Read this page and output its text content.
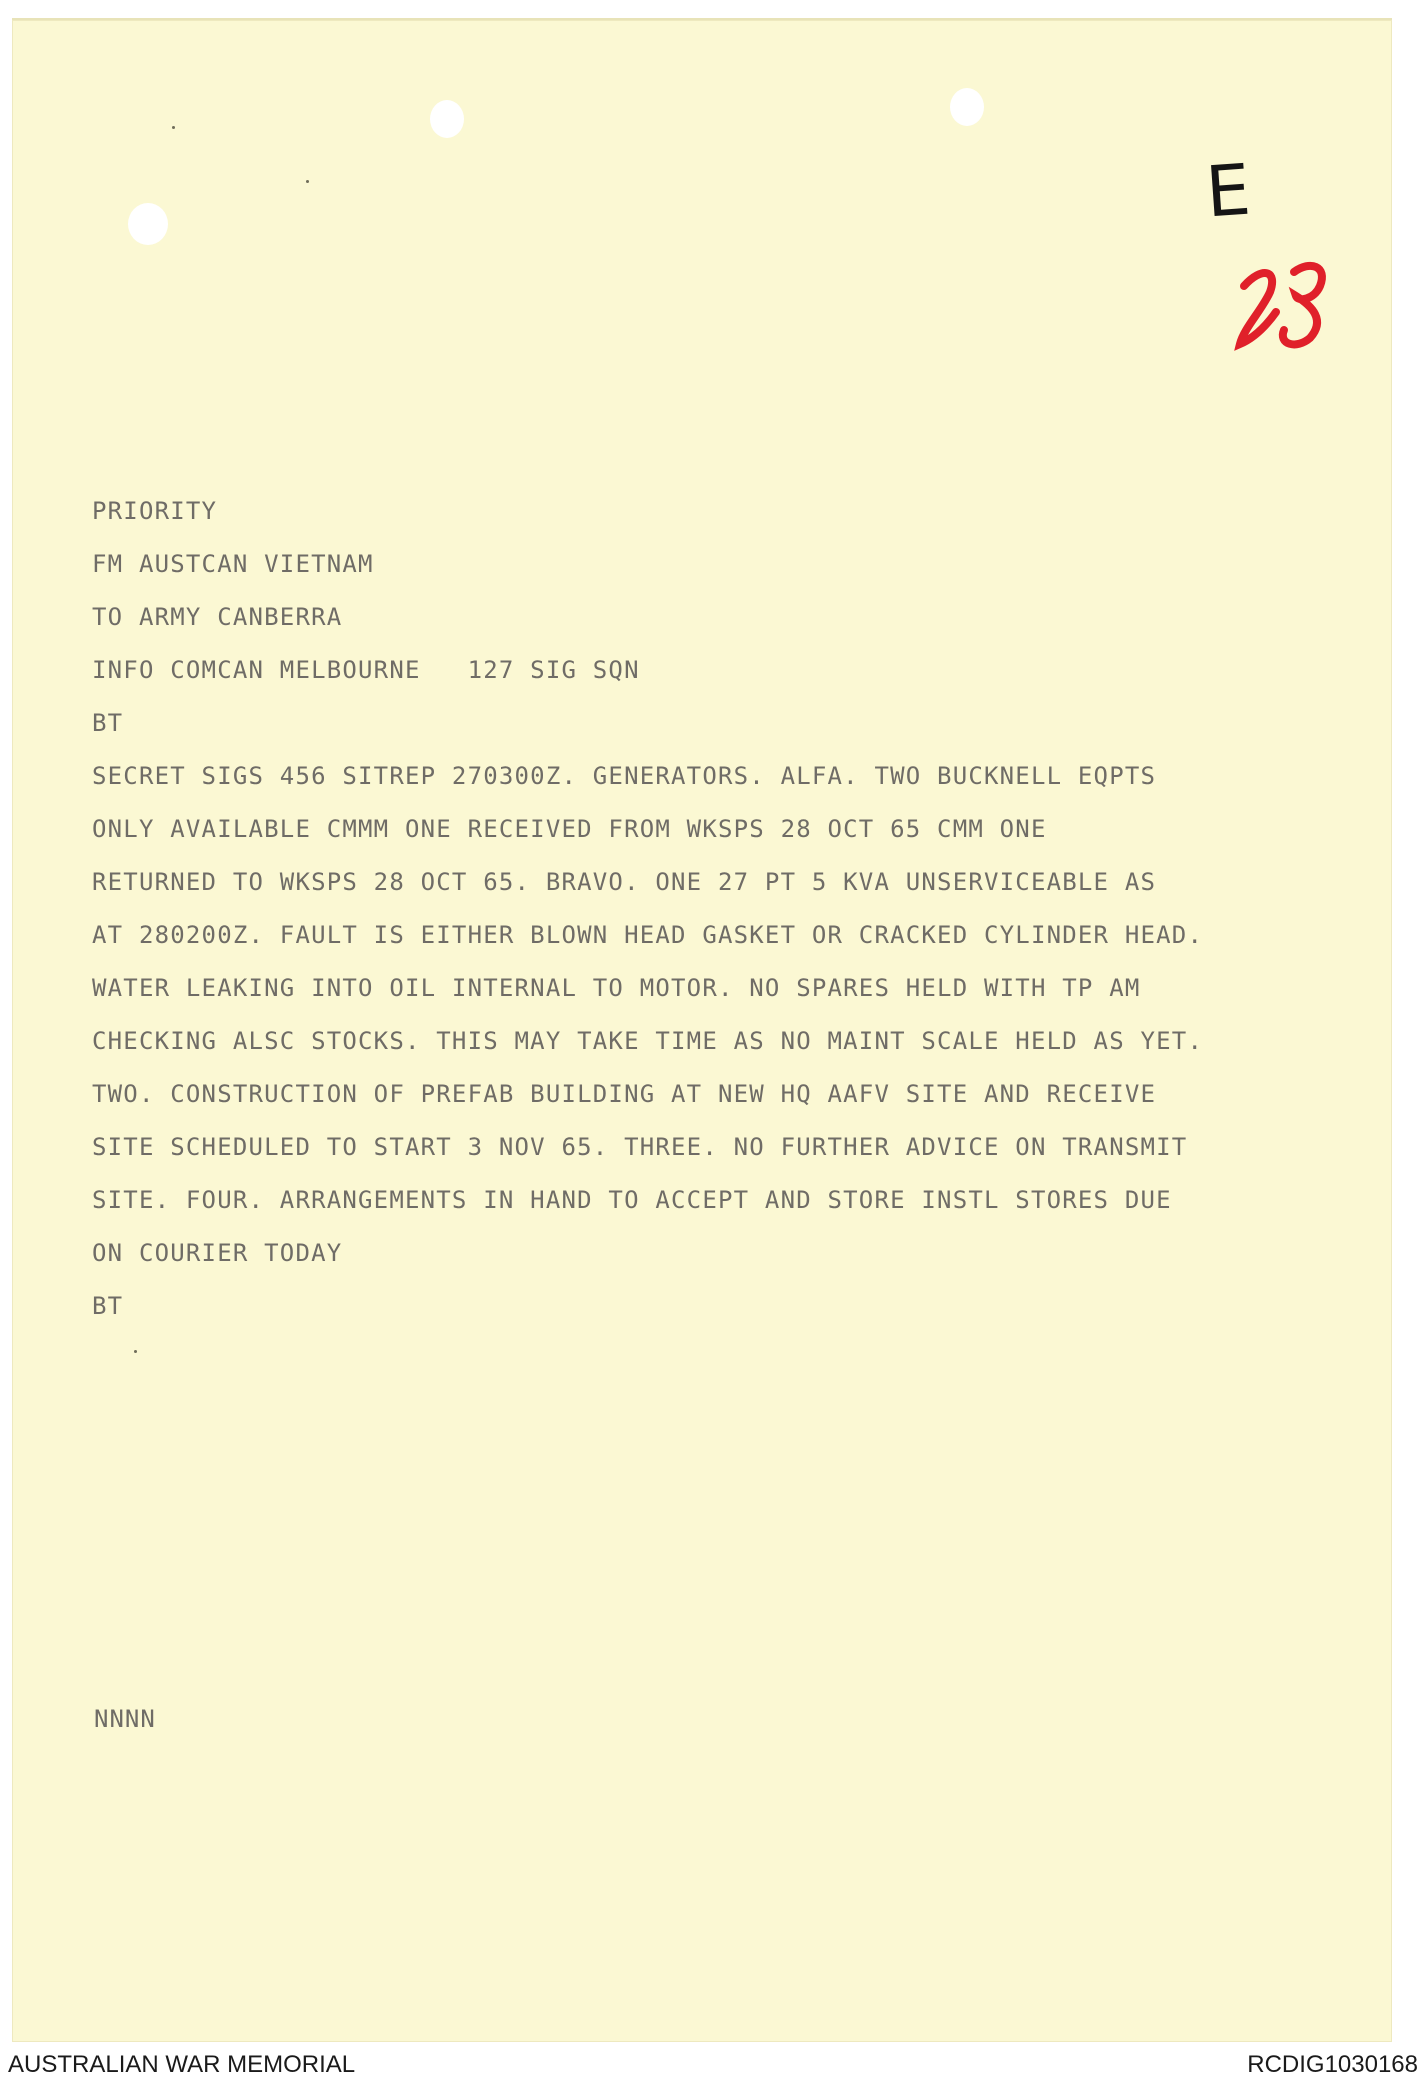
E
PRIORITY
FM AUSTCAN VIETNAM
TO ARMY CANBERRA
INFO COMCAN MELBOURNE   127 SIG SQN
BT
SECRET SIGS 456 SITREP 270300Z. GENERATORS. ALFA. TWO BUCKNELL EQPTS
ONLY AVAILABLE CMMM ONE RECEIVED FROM WKSPS 28 OCT 65 CMM ONE
RETURNED TO WKSPS 28 OCT 65. BRAVO. ONE 27 PT 5 KVA UNSERVICEABLE AS
AT 280200Z. FAULT IS EITHER BLOWN HEAD GASKET OR CRACKED CYLINDER HEAD.
WATER LEAKING INTO OIL INTERNAL TO MOTOR. NO SPARES HELD WITH TP AM
CHECKING ALSC STOCKS. THIS MAY TAKE TIME AS NO MAINT SCALE HELD AS YET.
TWO. CONSTRUCTION OF PREFAB BUILDING AT NEW HQ AAFV SITE AND RECEIVE
SITE SCHEDULED TO START 3 NOV 65. THREE. NO FURTHER ADVICE ON TRANSMIT
SITE. FOUR. ARRANGEMENTS IN HAND TO ACCEPT AND STORE INSTL STORES DUE
ON COURIER TODAY
BT
NNNN
AUSTRALIAN WAR MEMORIAL	RCDIG1030168
